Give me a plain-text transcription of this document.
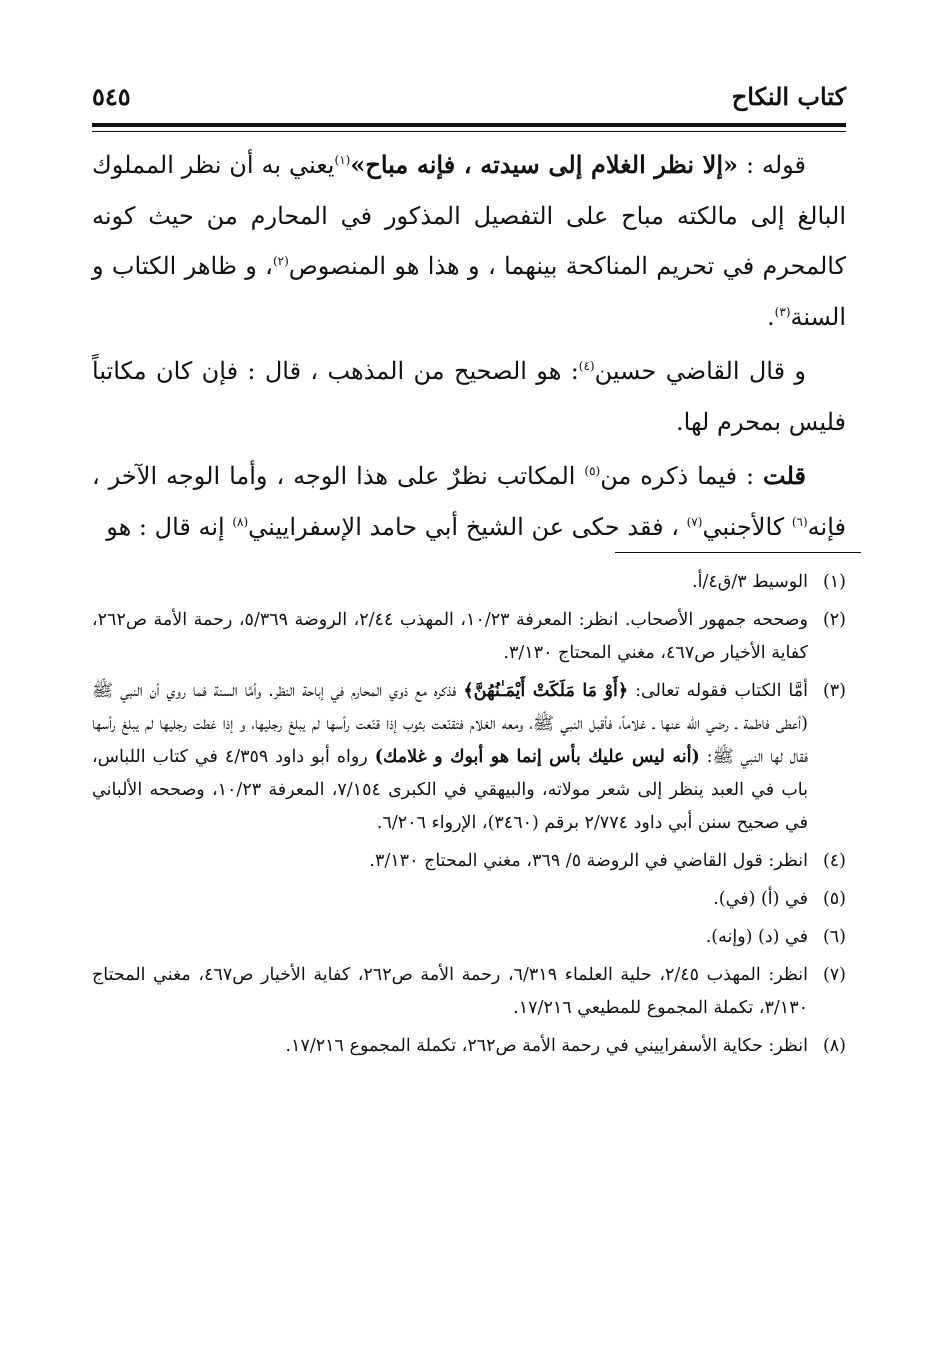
كتاب النكاح
٥٤٥

قوله : «إلا نظر الغلام إلى سيدته ، فإنه مباح»$^{(١)}$يعني به أن نظر المملوك البالغ إلى مالكته مباح على التفصيل المذكور في المحارم من حيث كونه كالمحرم في تحريم المناكحة بينهما ، و هذا هو المنصوص$^{(٢)}$، و ظاهر الكتاب و السنة$^{(٣)}$.

و قال القاضي حسين$^{(٤)}$: هو الصحيح من المذهب ، قال : فإن كان مكاتباً فليس بمحرم لها.

قلت : فيما ذكره من$^{(٥)}$ المكاتب نظرٌ على هذا الوجه ، وأما الوجه الآخر ، فإنه$^{(٦)}$ كالأجنبي$^{(٧)}$ ، فقد حكى عن الشيخ أبي حامد الإسفراييني$^{(٨)}$ إنه قال : هو

(١)
الوسيط ٣/ق٤/أ.
(٢)
وصححه جمهور الأصحاب. انظر: المعرفة ١٠/٢٣، المهذب ٢/٤٤، الروضة ٥/٣٦٩، رحمة الأمة ص٢٦٢، كفاية الأخيار ص٤٦٧، مغني المحتاج ٣/١٣٠.
(٣)
أمَّا الكتاب فقوله تعالى: ﴿أَوْ مَا مَلَكَتْ أَيْمَـٰنُهُنَّ﴾ فذكره مع ذوي المحارم في إباحة النظر. وأمَّا السنة فما روي أن النبي ﷺ (أعطى فاطمة ـ رضي الله عنها ـ غلاماً، فأقبل النبي ﷺ، ومعه الغلام فتقنّعت بثوب إذا قنّعت رأسها لم يبلغ رجليها، و إذا غطت رجليها لم يبلغ رأسها فقال لها النبي ﷺ: (أنه ليس عليك بأس إنما هو أبوك و غلامك) رواه أبو داود ٤/٣٥٩ في كتاب اللباس، باب في العبد ينظر إلى شعر مولاته، والبيهقي في الكبرى ٧/١٥٤، المعرفة ١٠/٢٣، وصححه الألباني في صحيح سنن أبي داود ٢/٧٧٤ برقم (٣٤٦٠)، الإرواء ٦/٢٠٦.
(٤)
انظر: قول القاضي في الروضة ٥/ ٣٦٩، مغني المحتاج ٣/١٣٠.
(٥)
في (أ) (في).
(٦)
في (د) (وإنه).
(٧)
انظر: المهذب ٢/٤٥، حلية العلماء ٦/٣١٩، رحمة الأمة ص٢٦٢، كفاية الأخيار ص٤٦٧، مغني المحتاج ٣/١٣٠، تكملة المجموع للمطيعي ١٧/٢١٦.
(٨)
انظر: حكاية الأسفراييني في رحمة الأمة ص٢٦٢، تكملة المجموع ١٧/٢١٦.
